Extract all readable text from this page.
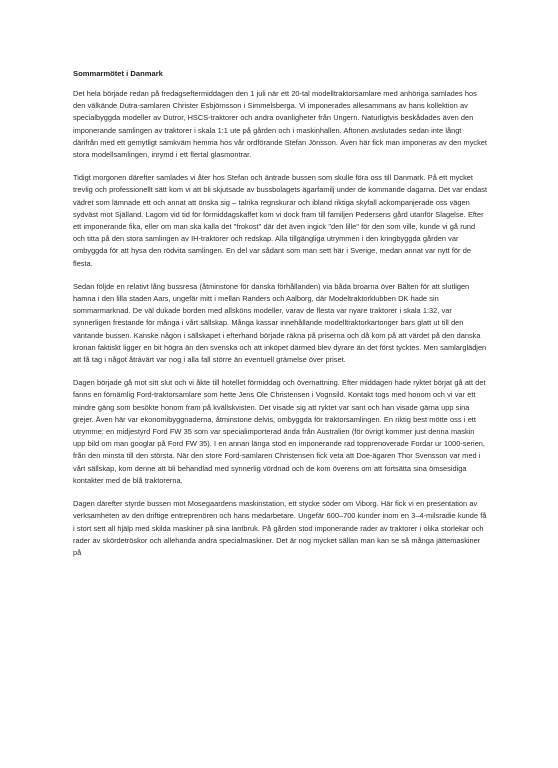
Sommarmötet i Danmark

Det hela började redan på fredagseftermiddagen den 1 juli när ett 20-tal modelltraktorsamlare med anhöriga samlades hos den välkände Dutra-samlaren Christer Esbjörnsson i Simmelsberga. Vi imponerades allesammans av hans kollektion av specialbyggda modeller av Dutror, HSCS-traktorer och andra ovanligheter från Ungern. Naturligtvis beskådades även den imponerande samlingen av traktorer i skala 1:1 ute på gården och i maskinhallen. Aftonen avslutades sedan inte långt därifrån med ett gemytligt samkväm hemma hos vår ordförande Stefan Jönsson. Även här fick man imponeras av den mycket stora modellsamlingen, inrymd i ett flertal glasmontrar.

Tidigt morgonen därefter samlades vi åter hos Stefan och äntrade bussen som skulle föra oss till Danmark. På ett mycket trevlig och professionellt sätt kom vi att bli skjutsade av bussbolagets ägarfamilj under de kommande dagarna. Det var endast vädret som lämnade ett och annat att önska sig – talrika regnskurar och ibland riktiga skyfall ackompanjerade oss vägen sydväst mot Själland. Lagom vid tid för förmiddagskaffet kom vi dock fram till familjen Pedersens gård utanför Slagelse. Efter ett imponerande fika, eller om man ska kalla det "frokost" där det även ingick "den lille" för den som ville, kunde vi gå rund och titta på den stora samlingen av IH-traktorer och redskap. Alla tillgängliga utrymmen i den kringbyggda gården var ombyggda för att hysa den rödvita samlingen. En del var sådant som man sett här i Sverige, medan annat var nytt för de flesta.

Sedan följde en relativt lång bussresa (åtminstone för danska förhållanden) via båda broarna över Bälten för att slutligen hamna i den lilla staden Aars, ungefär mitt i mellan Randers och Aalborg, där Modeltraktorklubben DK hade sin sommarmarknad. De väl dukade borden med allsköns modeller, varav de flesta var nyare traktorer i skala 1:32, var synnerligen frestande för många i vårt sällskap. Många kassar innehållande modelltraktorkartonger bars glatt ut till den väntande bussen. Kanske någon i sällskapet i efterhand började räkna på priserna och då kom på att värdet på den danska kronan faktiskt ligger en bit högra än den svenska och att inköpet därmed blev dyrare än det först tycktes. Men samlarglädjen att få tag i något åtrávärt var nog i alla fall större än eventuell grämelse över priset.

Dagen började gå mot sitt slut och vi åkte till hotellet förmiddag och övernattning. Efter middagen hade ryktet börjat gå att det fanns en förnämlig Ford-traktorsamlare som hette Jens Ole Christensen i Vognsild. Kontakt togs med honom och vi var ett mindre gäng som besökte honom fram på kvällskvisten. Det visade sig att ryktet var sant och han visade gärna upp sina grejer. Även här var ekonomibyggnaderna, åtminstone delvis, ombyggda för traktorsamlingen. En riktig best mötte oss i ett utrymme: en midjestyrd Ford FW 35 som var specialimporterad ända från Australien (för övrigt kommer just denna maskin upp bild om man googlar på Ford FW 35). I en annan länga stod en imponerande rad topprenoverade Fordar ur 1000-serien, från den minsta till den största. När den store Ford-samlaren Christensen fick veta att Doe-ägaren Thor Svensson var med i vårt sällskap, kom denne att bli behandlad med synnerlig vördnad och de kom överens om att fortsätta sina ömsesidiga kontakter med de blå traktorerna.

Dagen därefter styrde bussen mot Mosegaardens maskinstation, ett stycke söder om Viborg. Här fick vi en presentation av verksamheten av den driftige entreprenören och hans medarbetare. Ungefär 600–700 kunder inom en 3–4-milsradie kunde få i stort sett all hjälp med skilda maskiner på sina lantbruk. På gården stod imponerande rader av traktorer i olika storlekar och rader av skördetröskor och allehanda andra specialmaskiner. Det är nog mycket sällan man kan se så många jättemaskiner på
